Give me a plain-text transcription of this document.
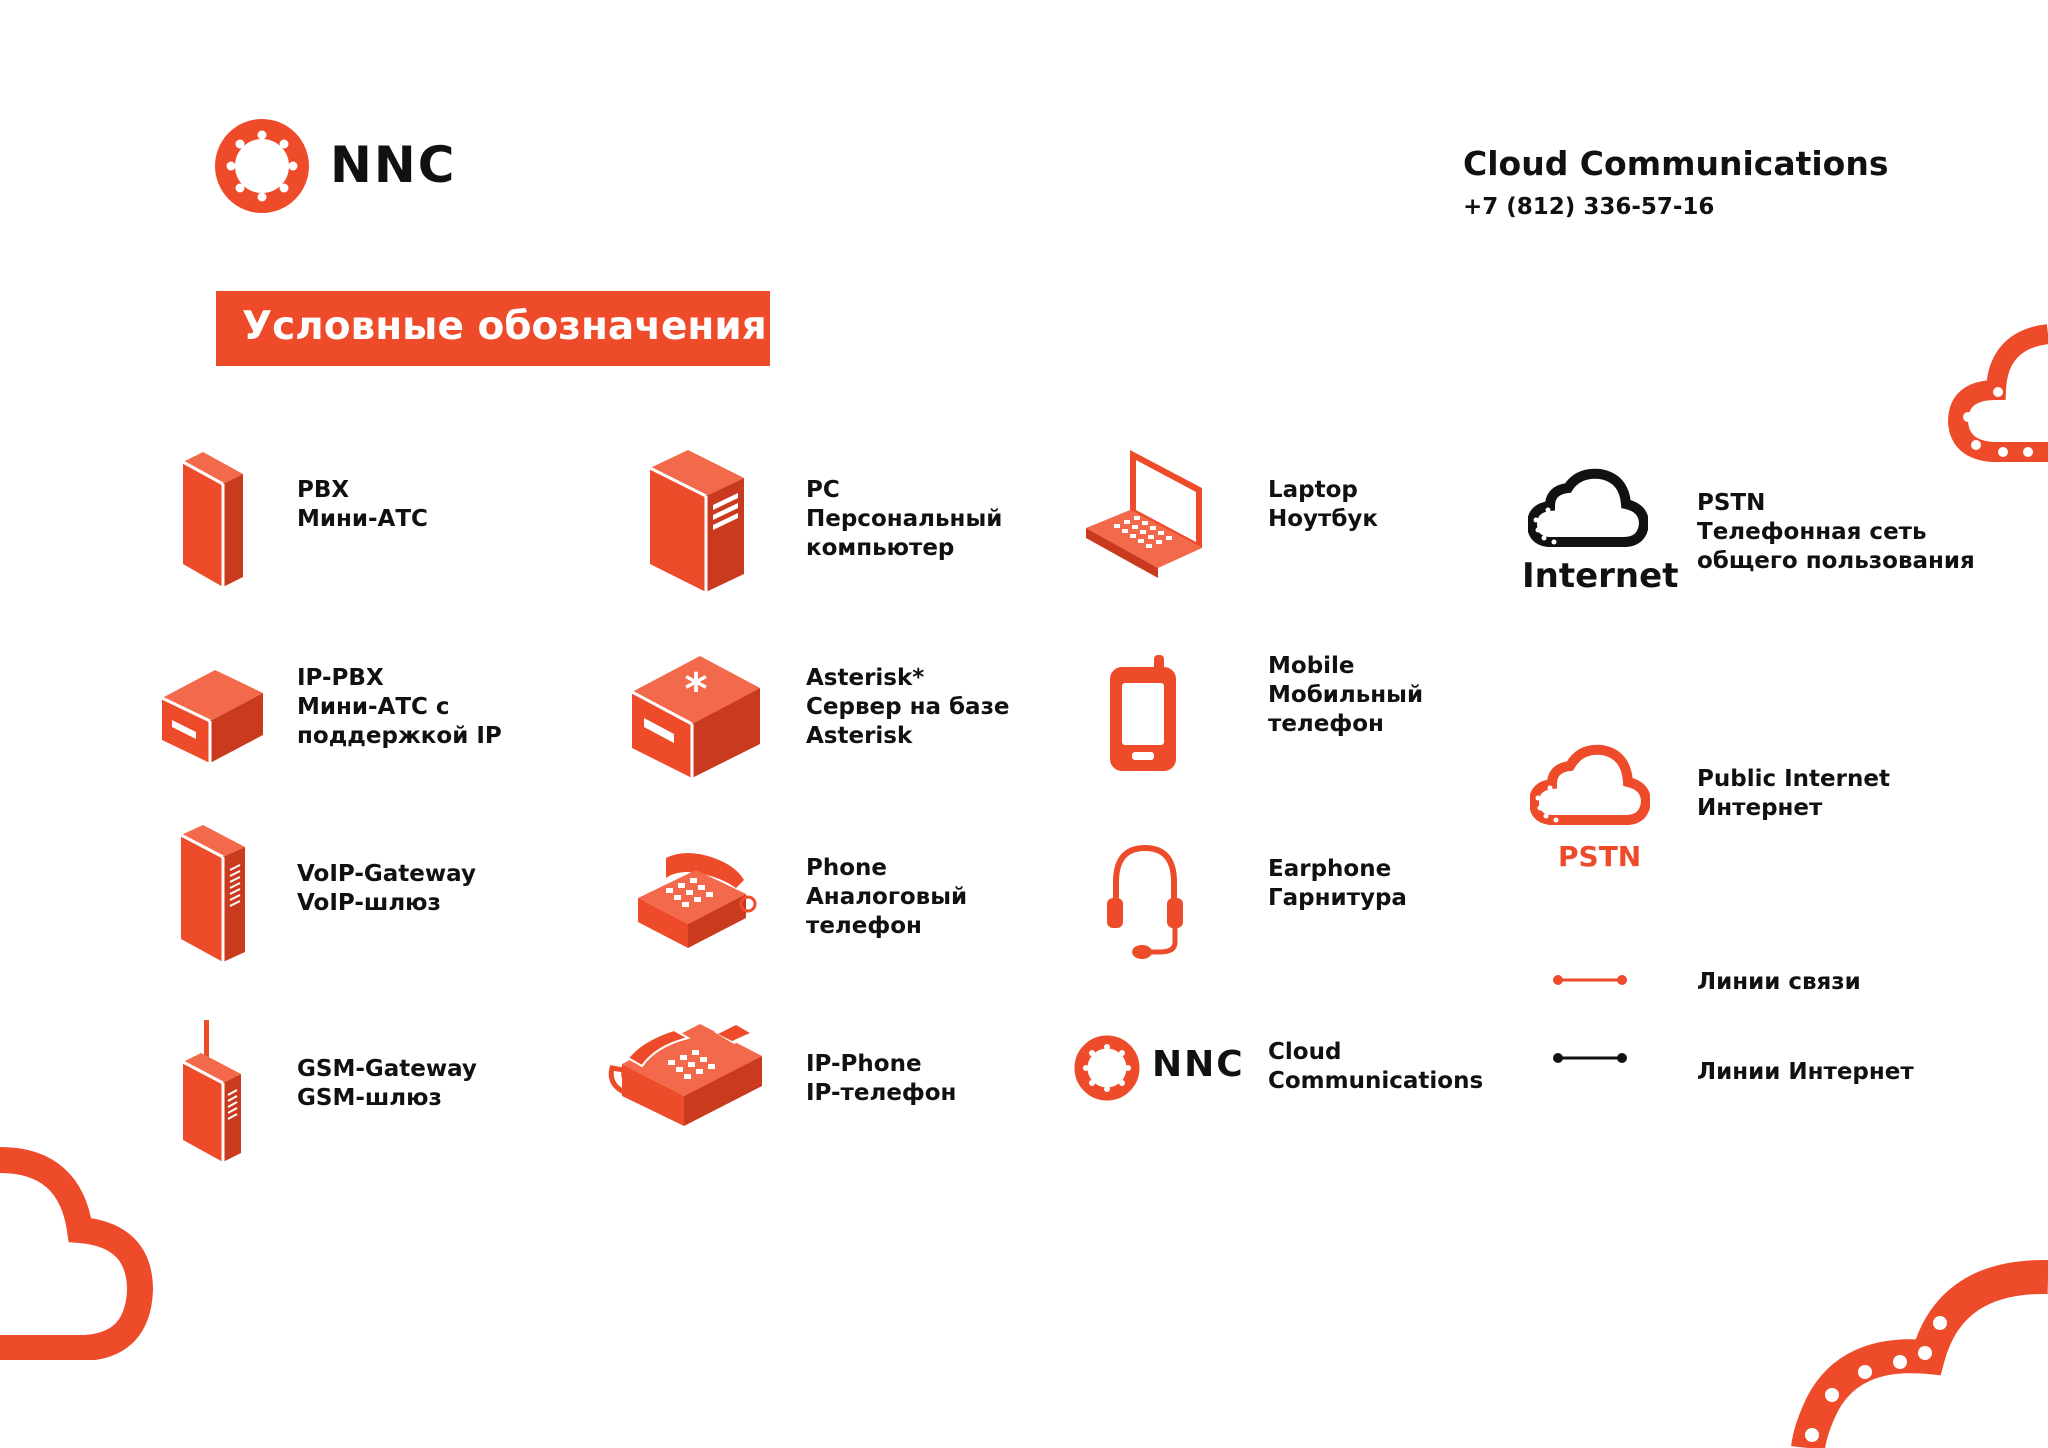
NNC	Cloud Communications
+7 (812) 336-57-16
Условные обозначения:
PBX
Мини-АТС
IP-PBX
Мини-АТС с
поддержкой IP
VoIP-Gateway
VoIP-шлюз
GSM-Gateway
GSM-шлюз
PC
Персональный
компьютер
*	Asterisk*
Сервер на базе
Asterisk
Phone
Аналоговый
телефон
IP-Phone
IP-телефон
Laptop
Ноутбук
Mobile
Мобильный
телефон
Earphone
Гарнитура
NNC Cloud
Communications
Internet
PSTN
Телефонная сеть
общего пользования
PSTN
Public Internet
Интернет
Линии связи
Линии Интернет
